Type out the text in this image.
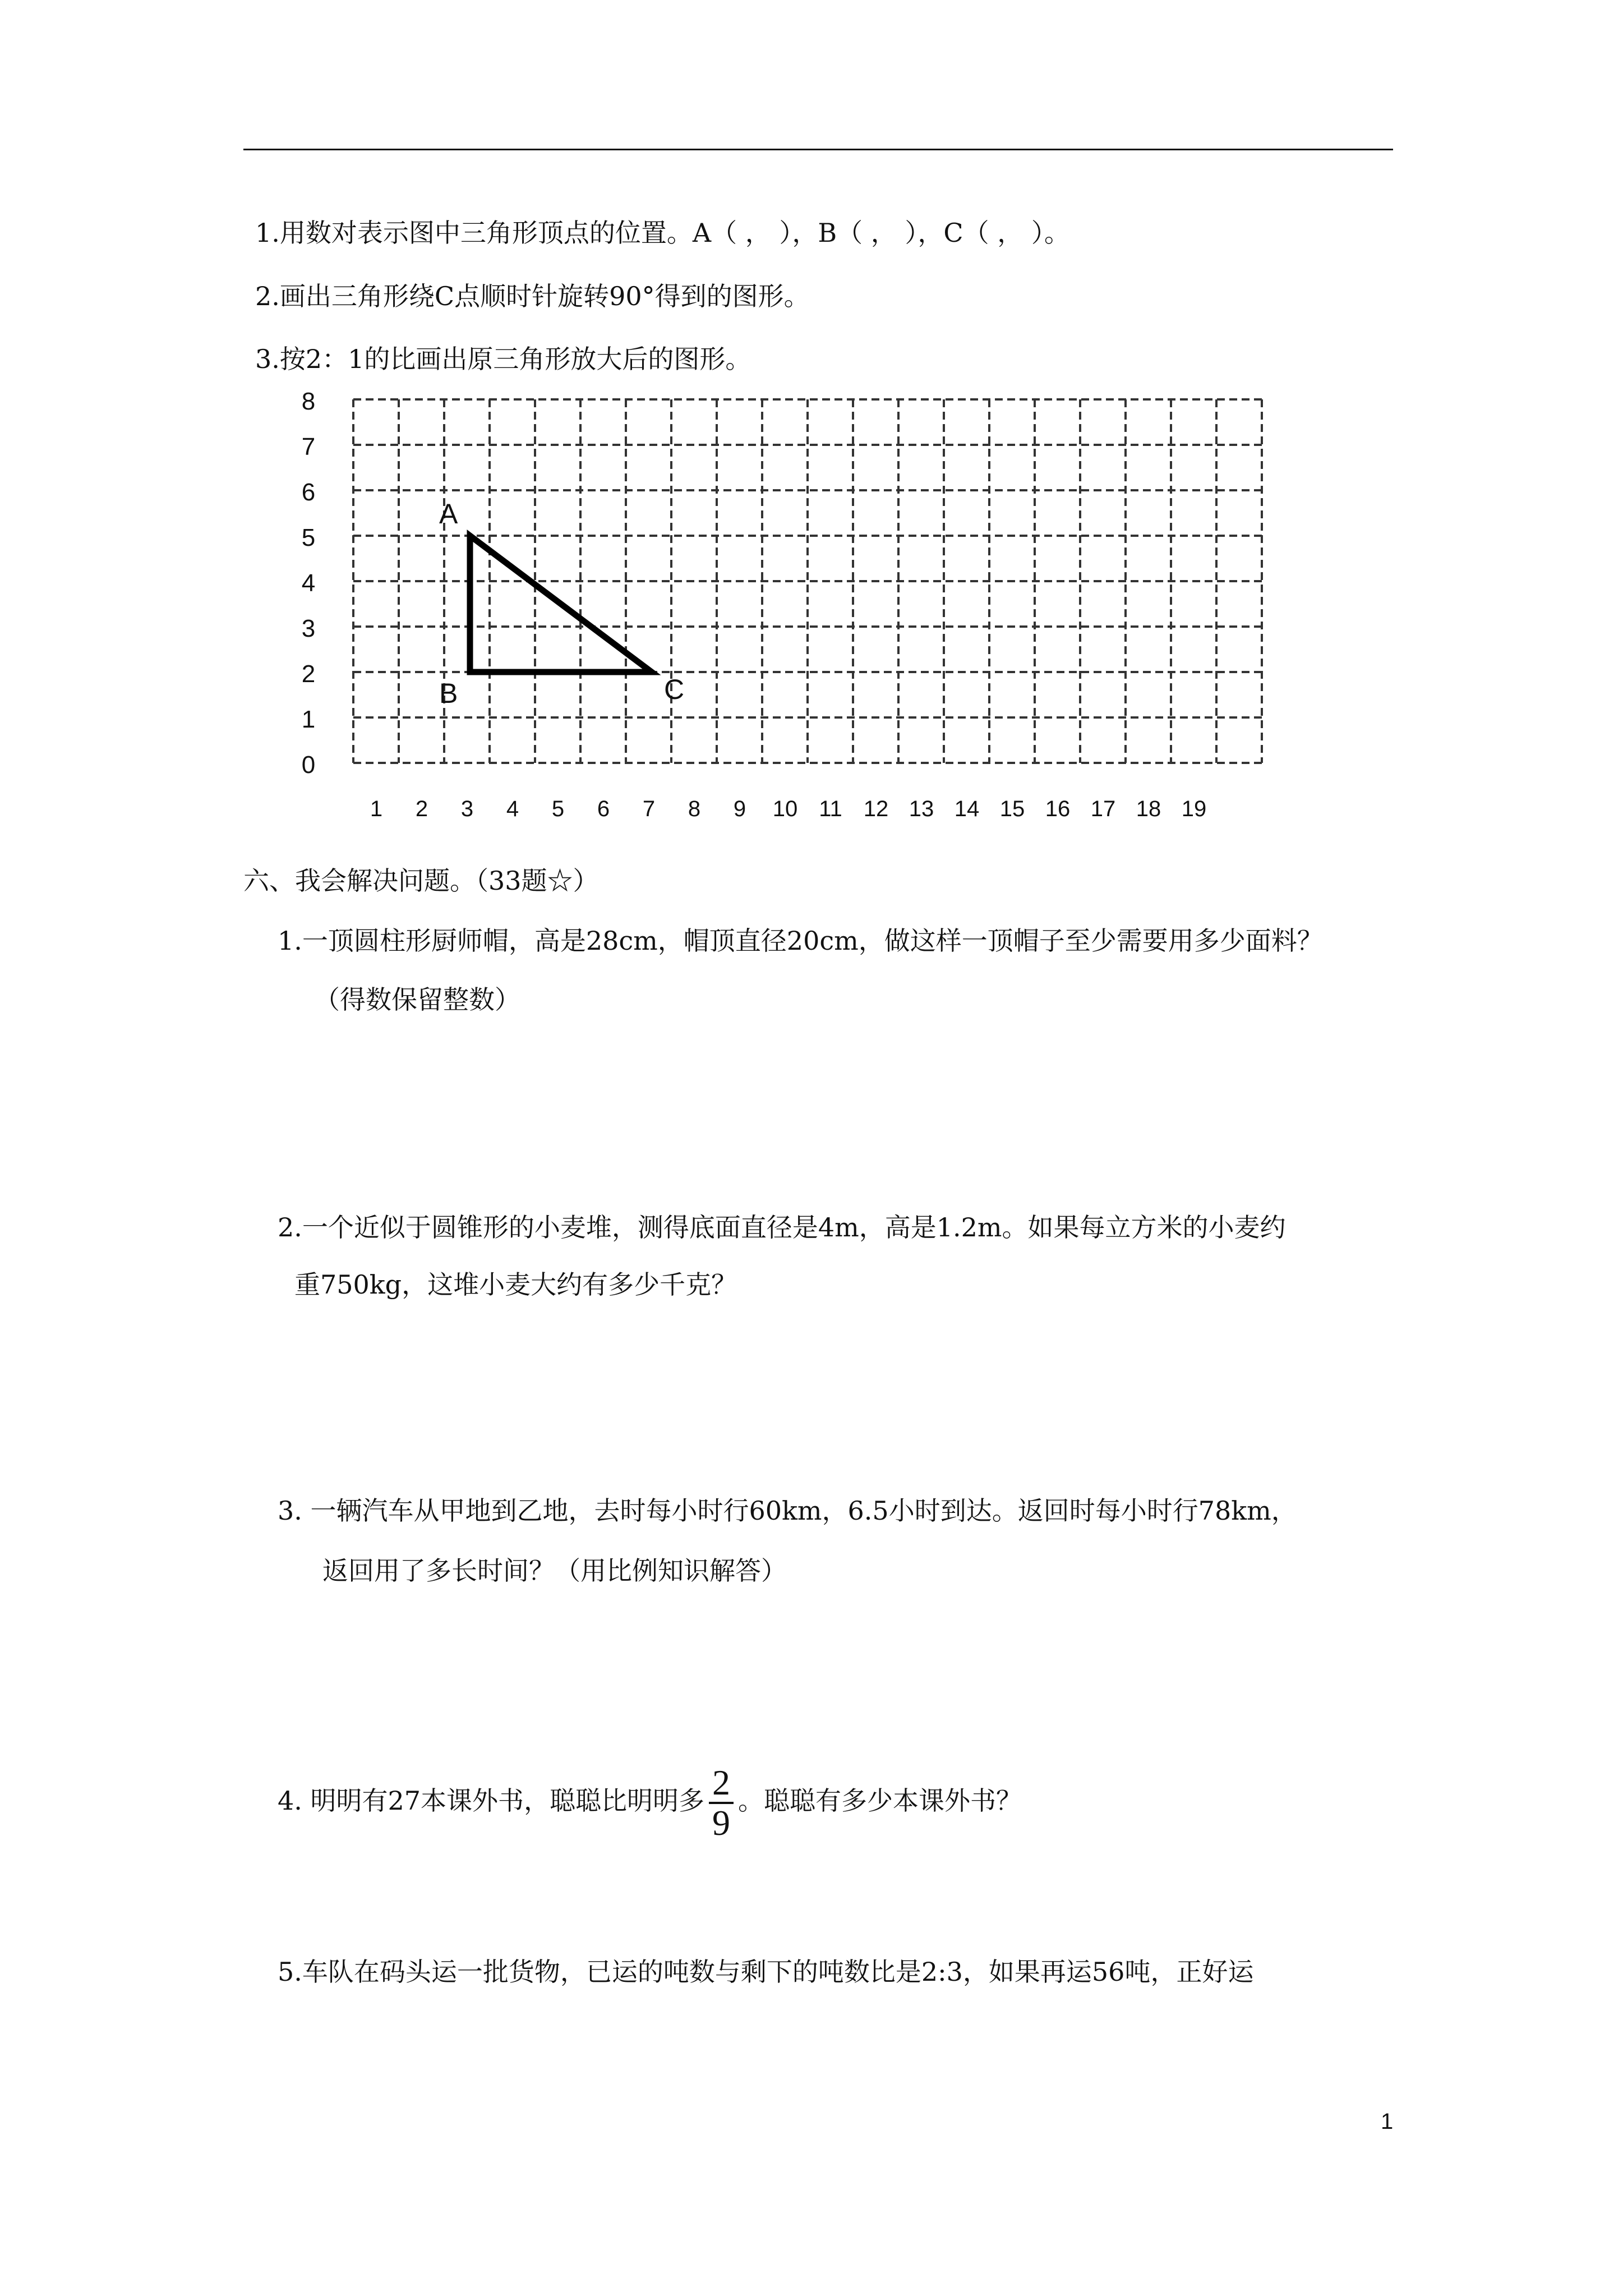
1.用数对表示图中三角形顶点的位置。A（ ， ），B（ ， ），C（ ， ）。
2.画出三角形绕C点顺时针旋转90°得到的图形。
3.按2：1的比画出原三角形放大后的图形。
0
1
2
3
4
5
6
7
8
1 2 3 4 5 6 7 8 9 10 11 12 13 14 15 16 17 18 19
A
B	C
六、我会解决问题。（33题☆）
1.一顶圆柱形厨师帽，高是28cm，帽顶直径20cm，做这样一顶帽子至少需要用多少面料？
（得数保留整数）
2.一个近似于圆锥形的小麦堆，测得底面直径是4m，高是1.2m。如果每立方米的小麦约
重750kg，这堆小麦大约有多少千克？
3. 一辆汽车从甲地到乙地，去时每小时行60km，6.5小时到达。返回时每小时行78km，
返回用了多长时间？（用比例知识解答）
4. 明明有27本课外书，聪聪比明明多 $\frac{2}{9}$ 。聪聪有多少本课外书？
5.车队在码头运一批货物，已运的吨数与剩下的吨数比是2:3，如果再运56吨，正好运
1
